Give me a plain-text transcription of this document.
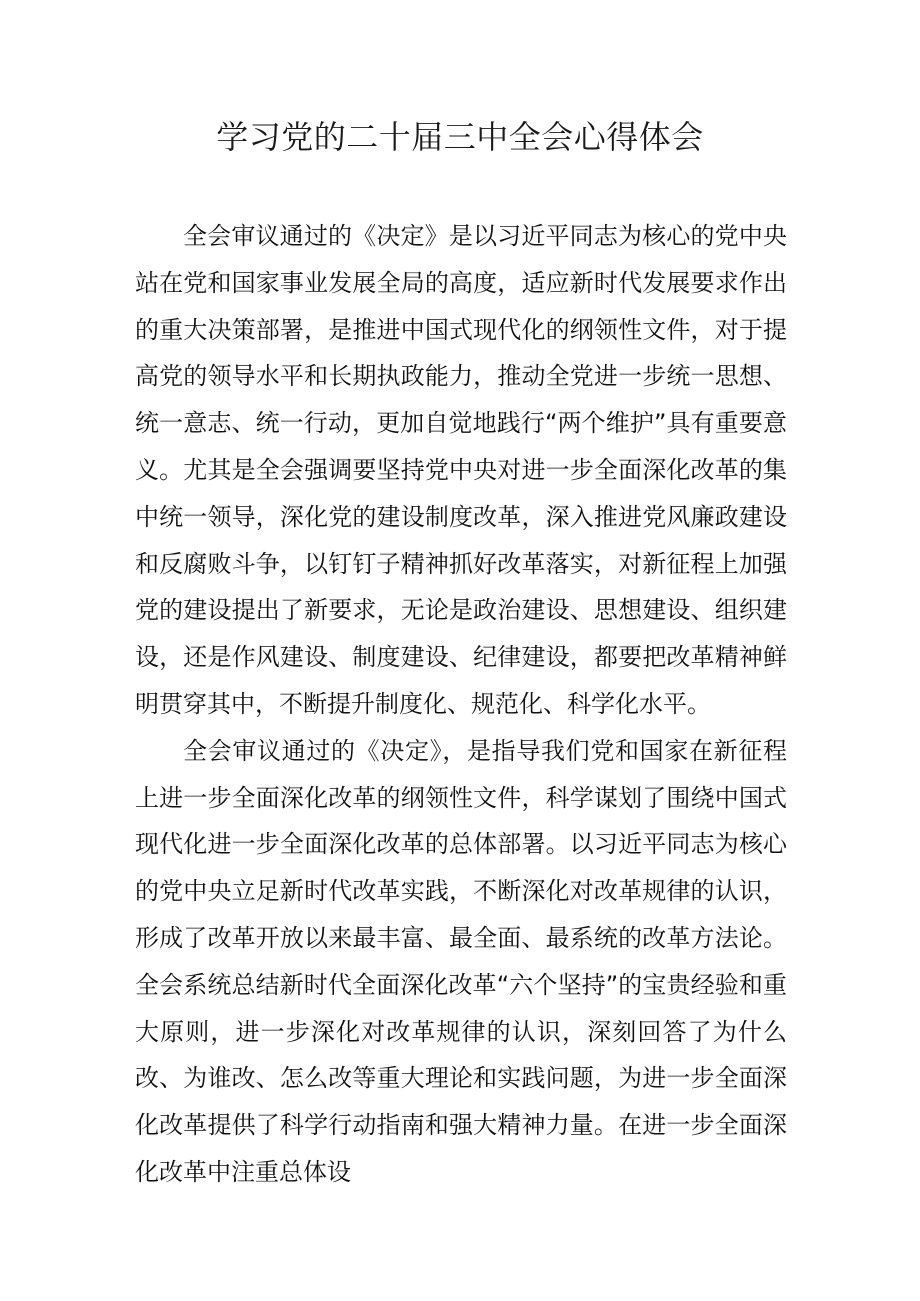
学习党的二十届三中全会心得体会

全会审议通过的《决定》是以习近平同志为核心的党中央站在党和国家事业发展全局的高度，适应新时代发展要求作出的重大决策部署，是推进中国式现代化的纲领性文件，对于提高党的领导水平和长期执政能力，推动全党进一步统一思想、统一意志、统一行动，更加自觉地践行“两个维护”具有重要意义。尤其是全会强调要坚持党中央对进一步全面深化改革的集中统一领导，深化党的建设制度改革，深入推进党风廉政建设和反腐败斗争，以钉钉子精神抓好改革落实，对新征程上加强党的建设提出了新要求，无论是政治建设、思想建设、组织建设，还是作风建设、制度建设、纪律建设，都要把改革精神鲜明贯穿其中，不断提升制度化、规范化、科学化水平。

全会审议通过的《决定》，是指导我们党和国家在新征程上进一步全面深化改革的纲领性文件，科学谋划了围绕中国式现代化进一步全面深化改革的总体部署。以习近平同志为核心的党中央立足新时代改革实践，不断深化对改革规律的认识，形成了改革开放以来最丰富、最全面、最系统的改革方法论。全会系统总结新时代全面深化改革“六个坚持”的宝贵经验和重大原则，进一步深化对改革规律的认识，深刻回答了为什么改、为谁改、怎么改等重大理论和实践问题，为进一步全面深化改革提供了科学行动指南和强大精神力量。在进一步全面深化改革中注重总体设
